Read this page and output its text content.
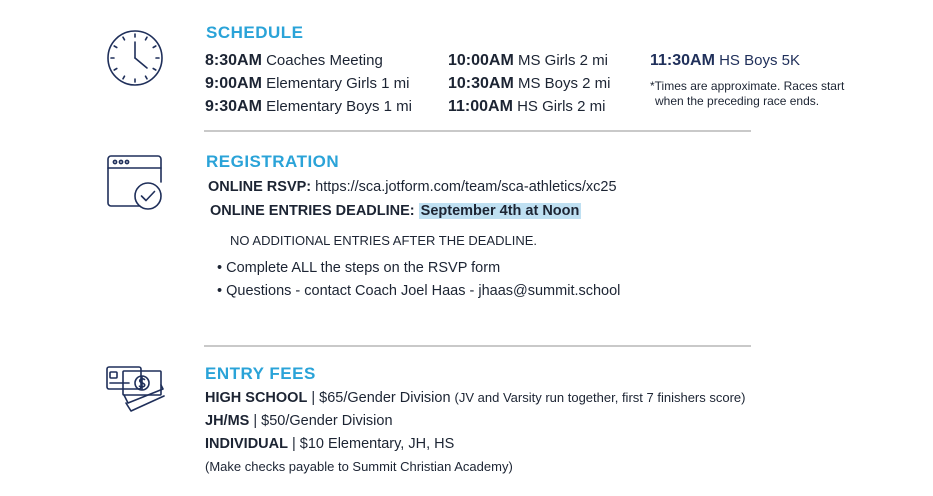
SCHEDULE
8:30AM Coaches Meeting
9:00AM Elementary Girls 1 mi
9:30AM Elementary Boys 1 mi
10:00AM MS Girls 2 mi
10:30AM MS Boys 2 mi
11:00AM HS Girls 2 mi
11:30AM HS Boys 5K
*Times are approximate. Races start
when the preceding race ends.
REGISTRATION
ONLINE RSVP: https://sca.jotform.com/team/sca-athletics/xc25
ONLINE ENTRIES DEADLINE: September 4th at Noon
NO ADDITIONAL ENTRIES AFTER THE DEADLINE.
• Complete ALL the steps on the RSVP form
• Questions - contact Coach Joel Haas - jhaas@summit.school
ENTRY FEES
HIGH SCHOOL | $65/Gender Division (JV and Varsity run together, first 7 finishers score)
JH/MS | $50/Gender Division
INDIVIDUAL | $10 Elementary, JH, HS
(Make checks payable to Summit Christian Academy)
